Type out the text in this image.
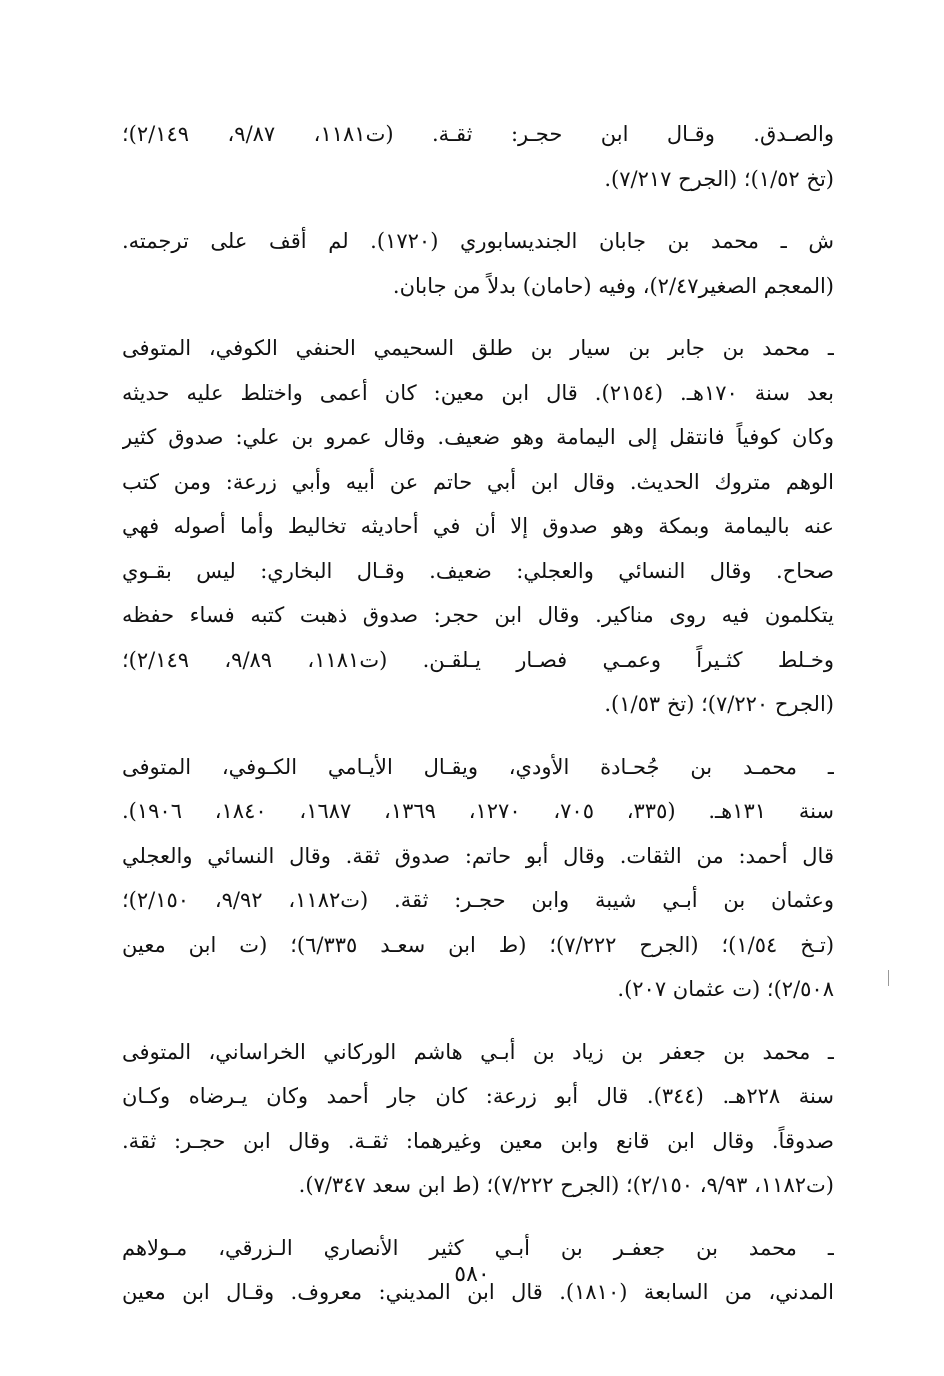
والصـدق. وقـال ابن حجـر: ثقـة. (ت١١٨١، ٩/٨٧، ٢/١٤٩)؛
(تخ ١/٥٢)؛ (الجرح ٧/٢١٧).
ش ـ محمد بن جابان الجنديسابوري (١٧٢٠). لم أقف على ترجمته.
(المعجم الصغير٢/٤٧)، وفيه (حامان) بدلاً من جابان.
ـ محمد بن جابر بن سيار بن طلق السحيمي الحنفي الكوفي، المتوفى
بعد سنة ١٧٠هـ. (٢١٥٤). قال ابن معين: كان أعمى واختلط عليه حديثه
وكان كوفياً فانتقل إلى اليمامة وهو ضعيف. وقال عمرو بن علي: صدوق كثير
الوهم متروك الحديث. وقال ابن أبي حاتم عن أبيه وأبي زرعة: ومن كتب
عنه باليمامة وبمكة وهو صدوق إلا أن في أحاديثه تخاليط وأما أصوله فهي
صحاح. وقال النسائي والعجلي: ضعيف. وقـال البخاري: ليس بقـوي
يتكلمون فيه روى مناكير. وقال ابن حجر: صدوق ذهبت كتبه فساء حفظه
وخـلط كثـيراً وعمـي فصـار يـلقـن. (ت١١٨١، ٩/٨٩، ٢/١٤٩)؛
(الجرح ٧/٢٢٠)؛ (تخ ١/٥٣).
ـ محمـد بن جُحـادة الأودي، ويقـال الأيـامي الكـوفي، المتوفى
سنة ١٣١هـ. (٣٣٥، ٧٠٥، ١٢٧٠، ١٣٦٩، ١٦٨٧، ١٨٤٠، ١٩٠٦).
قال أحمد: من الثقات. وقال أبو حاتم: صدوق ثقة. وقال النسائي والعجلي
وعثمان بن أبـي شيبة وابن حجـر: ثقة. (ت١١٨٢، ٩/٩٢، ٢/١٥٠)؛
(تـخ ١/٥٤)؛ (الجرح ٧/٢٢٢)؛ (ط ابن سعـد ٦/٣٣٥)؛ (ت ابن معين
٢/٥٠٨)؛ (ت عثمان ٢٠٧).
ـ محمد بن جعفر بن زياد بن أبـي هاشم الوركاني الخراساني، المتوفى
سنة ٢٢٨هـ. (٣٤٤). قال أبو زرعة: كان جار أحمد وكان يـرضاه وكـان
صدوقاً. وقال ابن قانع وابن معين وغيرهما: ثقـة. وقال ابن حجـر: ثقة.
(ت١١٨٢، ٩/٩٣، ٢/١٥٠)؛ (الجرح ٧/٢٢٢)؛ (ط ابن سعد ٧/٣٤٧).
ـ محمد بن جعفـر بن أبـي كثير الأنصاري الـزرقي، مـولاهم
المدني، من السابعة (١٨١٠). قال ابن المديني: معروف. وقـال ابن معين
٥٨٠
